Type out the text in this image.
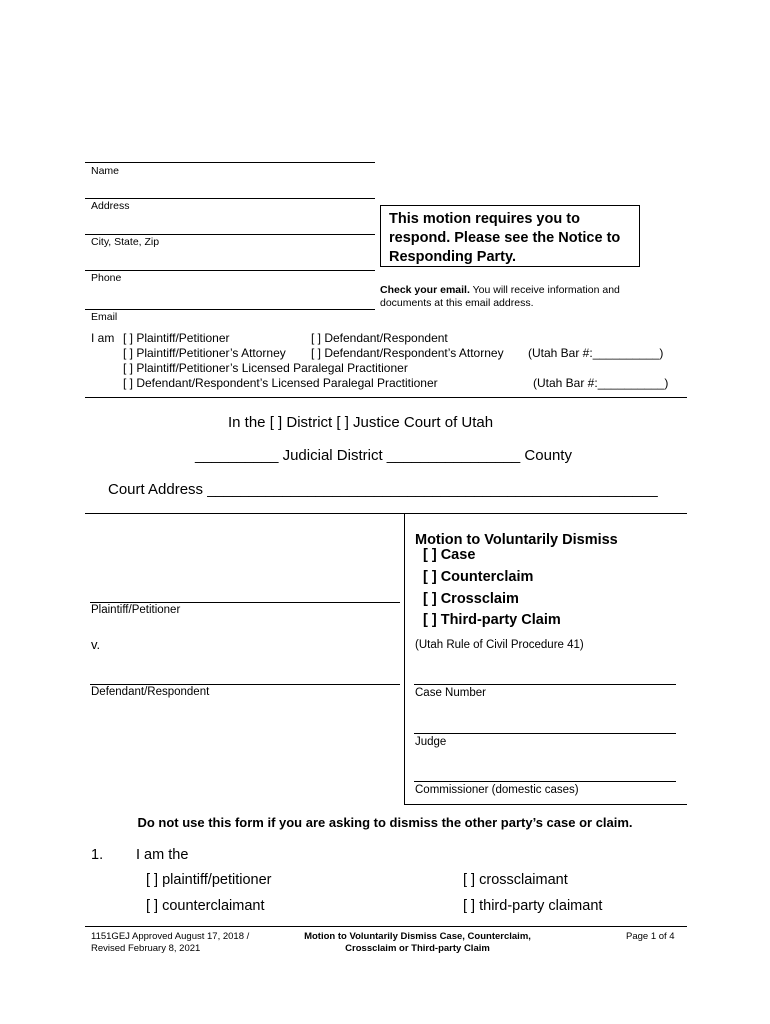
Name
Address
City, State, Zip
Phone
Email
This motion requires you to respond. Please see the Notice to Responding Party.
Check your email. You will receive information and documents at this email address.
I am [ ] Plaintiff/Petitioner	[ ] Defendant/Respondent
[ ] Plaintiff/Petitioner’s Attorney [ ] Defendant/Respondent’s Attorney (Utah Bar #:__________)
[ ] Plaintiff/Petitioner’s Licensed Paralegal Practitioner
[ ] Defendant/Respondent’s Licensed Paralegal Practitioner	(Utah Bar #:__________)
In the [ ] District [ ] Justice Court of Utah
__________ Judicial District ________________ County
Court Address ______________________________________________________
Plaintiff/Petitioner
v.
Defendant/Respondent
Motion to Voluntarily Dismiss
[ ] Case
[ ] Counterclaim
[ ] Crossclaim
[ ] Third-party Claim
(Utah Rule of Civil Procedure 41)
Case Number
Judge
Commissioner (domestic cases)
Do not use this form if you are asking to dismiss the other party’s case or claim.
1. I am the
[ ] plaintiff/petitioner	[ ] crossclaimant
[ ] counterclaimant	[ ] third-party claimant
1151GEJ Approved August 17, 2018 /
Revised February 8, 2021
Motion to Voluntarily Dismiss Case, Counterclaim,
Crossclaim or Third-party Claim
Page 1 of 4
